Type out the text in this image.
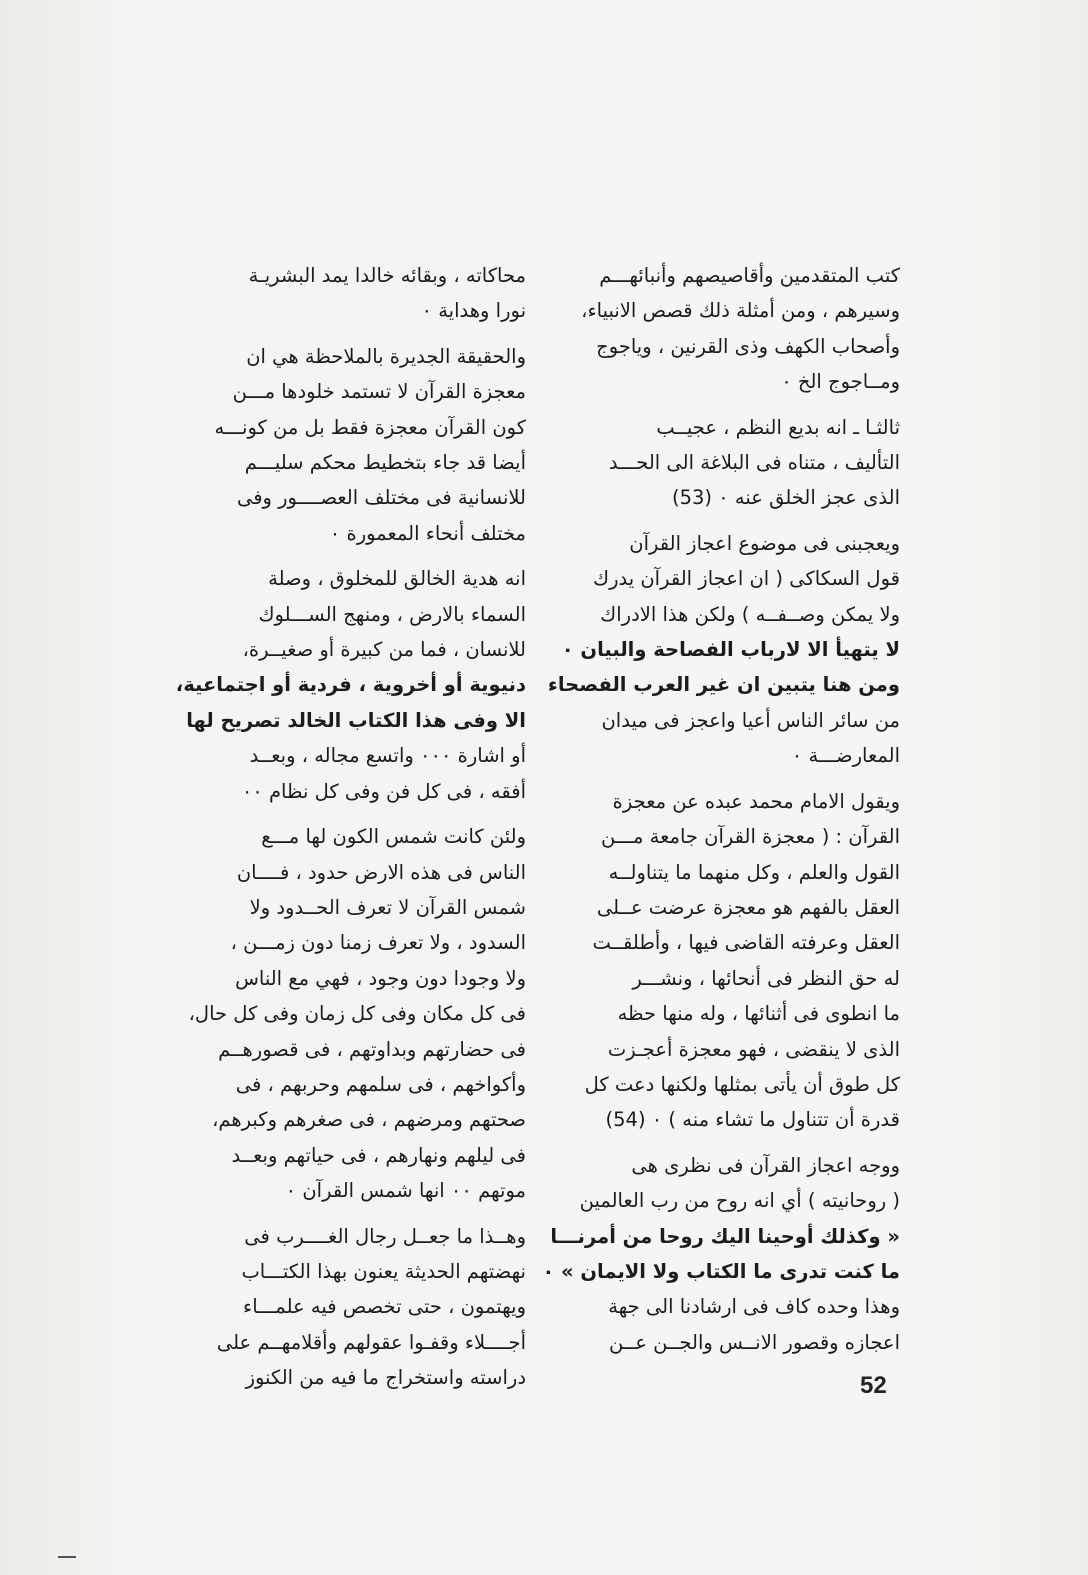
كتب المتقدمين وأقاصيصهم وأنبائهـــم
وسيرهم ، ومن أمثلة ذلك قصص الانبياء،
وأصحاب الكهف وذى القرنين ، وياجوج
ومــاجوج الخ ٠
ثالثـا ـ انه بديع النظم ، عجيــب
التأليف ، متناه فى البلاغة الى الحـــد
الذى عجز الخلق عنه ٠ (53)
ويعجبنى فى موضوع اعجاز القرآن
قول السكاكى ( ان اعجاز القرآن يدرك
ولا يمكن وصــفــه ) ولكن هذا الادراك
لا يتهيأ الا لارباب الفصاحة والبيان ٠
ومن هنا يتبين ان غير العرب الفصحاء
من سائر الناس أعيا واعجز فى ميدان
المعارضـــة ٠
ويقول الامام محمد عبده عن معجزة
القرآن : ( معجزة القرآن جامعة مـــن
القول والعلم ، وكل منهما ما يتناولــه
العقل بالفهم هو معجزة عرضت عــلى
العقل وعرفته القاضى فيها ، وأطلقــت
له حق النظر فى أنحائها ، ونشـــر
ما انطوى فى أثنائها ، وله منها حظه
الذى لا ينقضى ، فهو معجزة أعجـزت
كل طوق أن يأتى بمثلها ولكنها دعت كل
قدرة أن تتناول ما تشاء منه ) ٠ (54)
ووجه اعجاز القرآن فى نظرى هى
( روحانيته ) أي انه روح من رب العالمين
« وكذلك أوحينا اليك روحا من أمرنـــا
ما كنت تدرى ما الكتاب ولا الايمان » ٠
وهذا وحده كاف فى ارشادنا الى جهة
اعجازه وقصور الانــس والجــن عــن
محاكاته ، وبقائه خالدا يمد البشريـة
نورا وهداية ٠
والحقيقة الجديرة بالملاحظة هي ان
معجزة القرآن لا تستمد خلودها مـــن
كون القرآن معجزة فقط بل من كونـــه
أيضا قد جاء بتخطيط محكم سليـــم
للانسانية فى مختلف العصــــور وفى
مختلف أنحاء المعمورة ٠
انه هدية الخالق للمخلوق ، وصلة
السماء بالارض ، ومنهج الســـلوك
للانسان ، فما من كبيرة أو صغيــرة،
دنيوية أو أخروية ، فردية أو اجتماعية،
الا وفى هذا الكتاب الخالد تصريح لها
أو اشارة ٠٠٠ واتسع مجاله ، وبعــد
أفقه ، فى كل فن وفى كل نظام ٠٠
ولئن كانت شمس الكون لها مـــع
الناس فى هذه الارض حدود ، فــــان
شمس القرآن لا تعرف الحــدود ولا
السدود ، ولا تعرف زمنا دون زمـــن ،
ولا وجودا دون وجود ، فهي مع الناس
فى كل مكان وفى كل زمان وفى كل حال،
فى حضارتهم وبداوتهم ، فى قصورهــم
وأكواخهم ، فى سلمهم وحربهم ، فى
صحتهم ومرضهم ، فى صغرهم وكبرهم،
فى ليلهم ونهارهم ، فى حياتهم وبعــد
موتهم ٠٠ انها شمس القرآن ٠
وهــذا ما جعــل رجال الغــــرب فى
نهضتهم الحديثة يعنون بهذا الكتـــاب
ويهتمون ، حتى تخصص فيه علمـــاء
أجــــلاء وقفـوا عقولهم وأقلامهــم على
دراسته واستخراج ما فيه من الكنوز	52
